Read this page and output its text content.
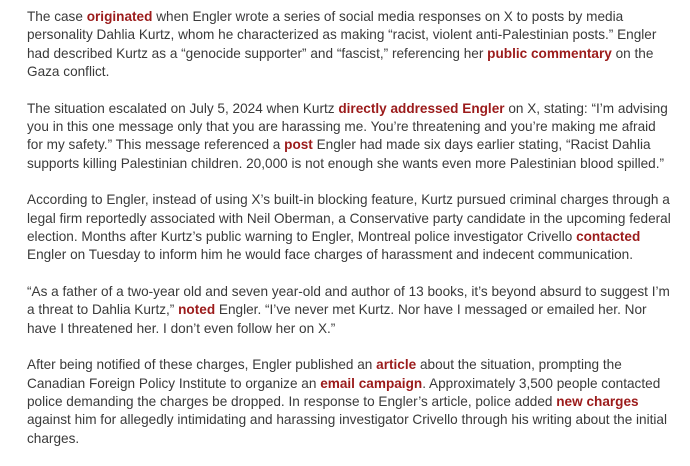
The case originated when Engler wrote a series of social media responses on X to posts by media personality Dahlia Kurtz, whom he characterized as making “racist, violent anti-Palestinian posts.” Engler had described Kurtz as a “genocide supporter” and “fascist,” referencing her public commentary on the Gaza conflict.

The situation escalated on July 5, 2024 when Kurtz directly addressed Engler on X, stating: “I’m advising you in this one message only that you are harassing me. You’re threatening and you’re making me afraid for my safety.” This message referenced a post Engler had made six days earlier stating, “Racist Dahlia supports killing Palestinian children. 20,000 is not enough she wants even more Palestinian blood spilled.”

According to Engler, instead of using X’s built-in blocking feature, Kurtz pursued criminal charges through a legal firm reportedly associated with Neil Oberman, a Conservative party candidate in the upcoming federal election. Months after Kurtz’s public warning to Engler, Montreal police investigator Crivello contacted Engler on Tuesday to inform him he would face charges of harassment and indecent communication.

“As a father of a two-year old and seven year-old and author of 13 books, it’s beyond absurd to suggest I’m a threat to Dahlia Kurtz,” noted Engler. “I’ve never met Kurtz. Nor have I messaged or emailed her. Nor have I threatened her. I don’t even follow her on X.”

After being notified of these charges, Engler published an article about the situation, prompting the Canadian Foreign Policy Institute to organize an email campaign. Approximately 3,500 people contacted police demanding the charges be dropped. In response to Engler’s article, police added new charges against him for allegedly intimidating and harassing investigator Crivello through his writing about the initial charges.
